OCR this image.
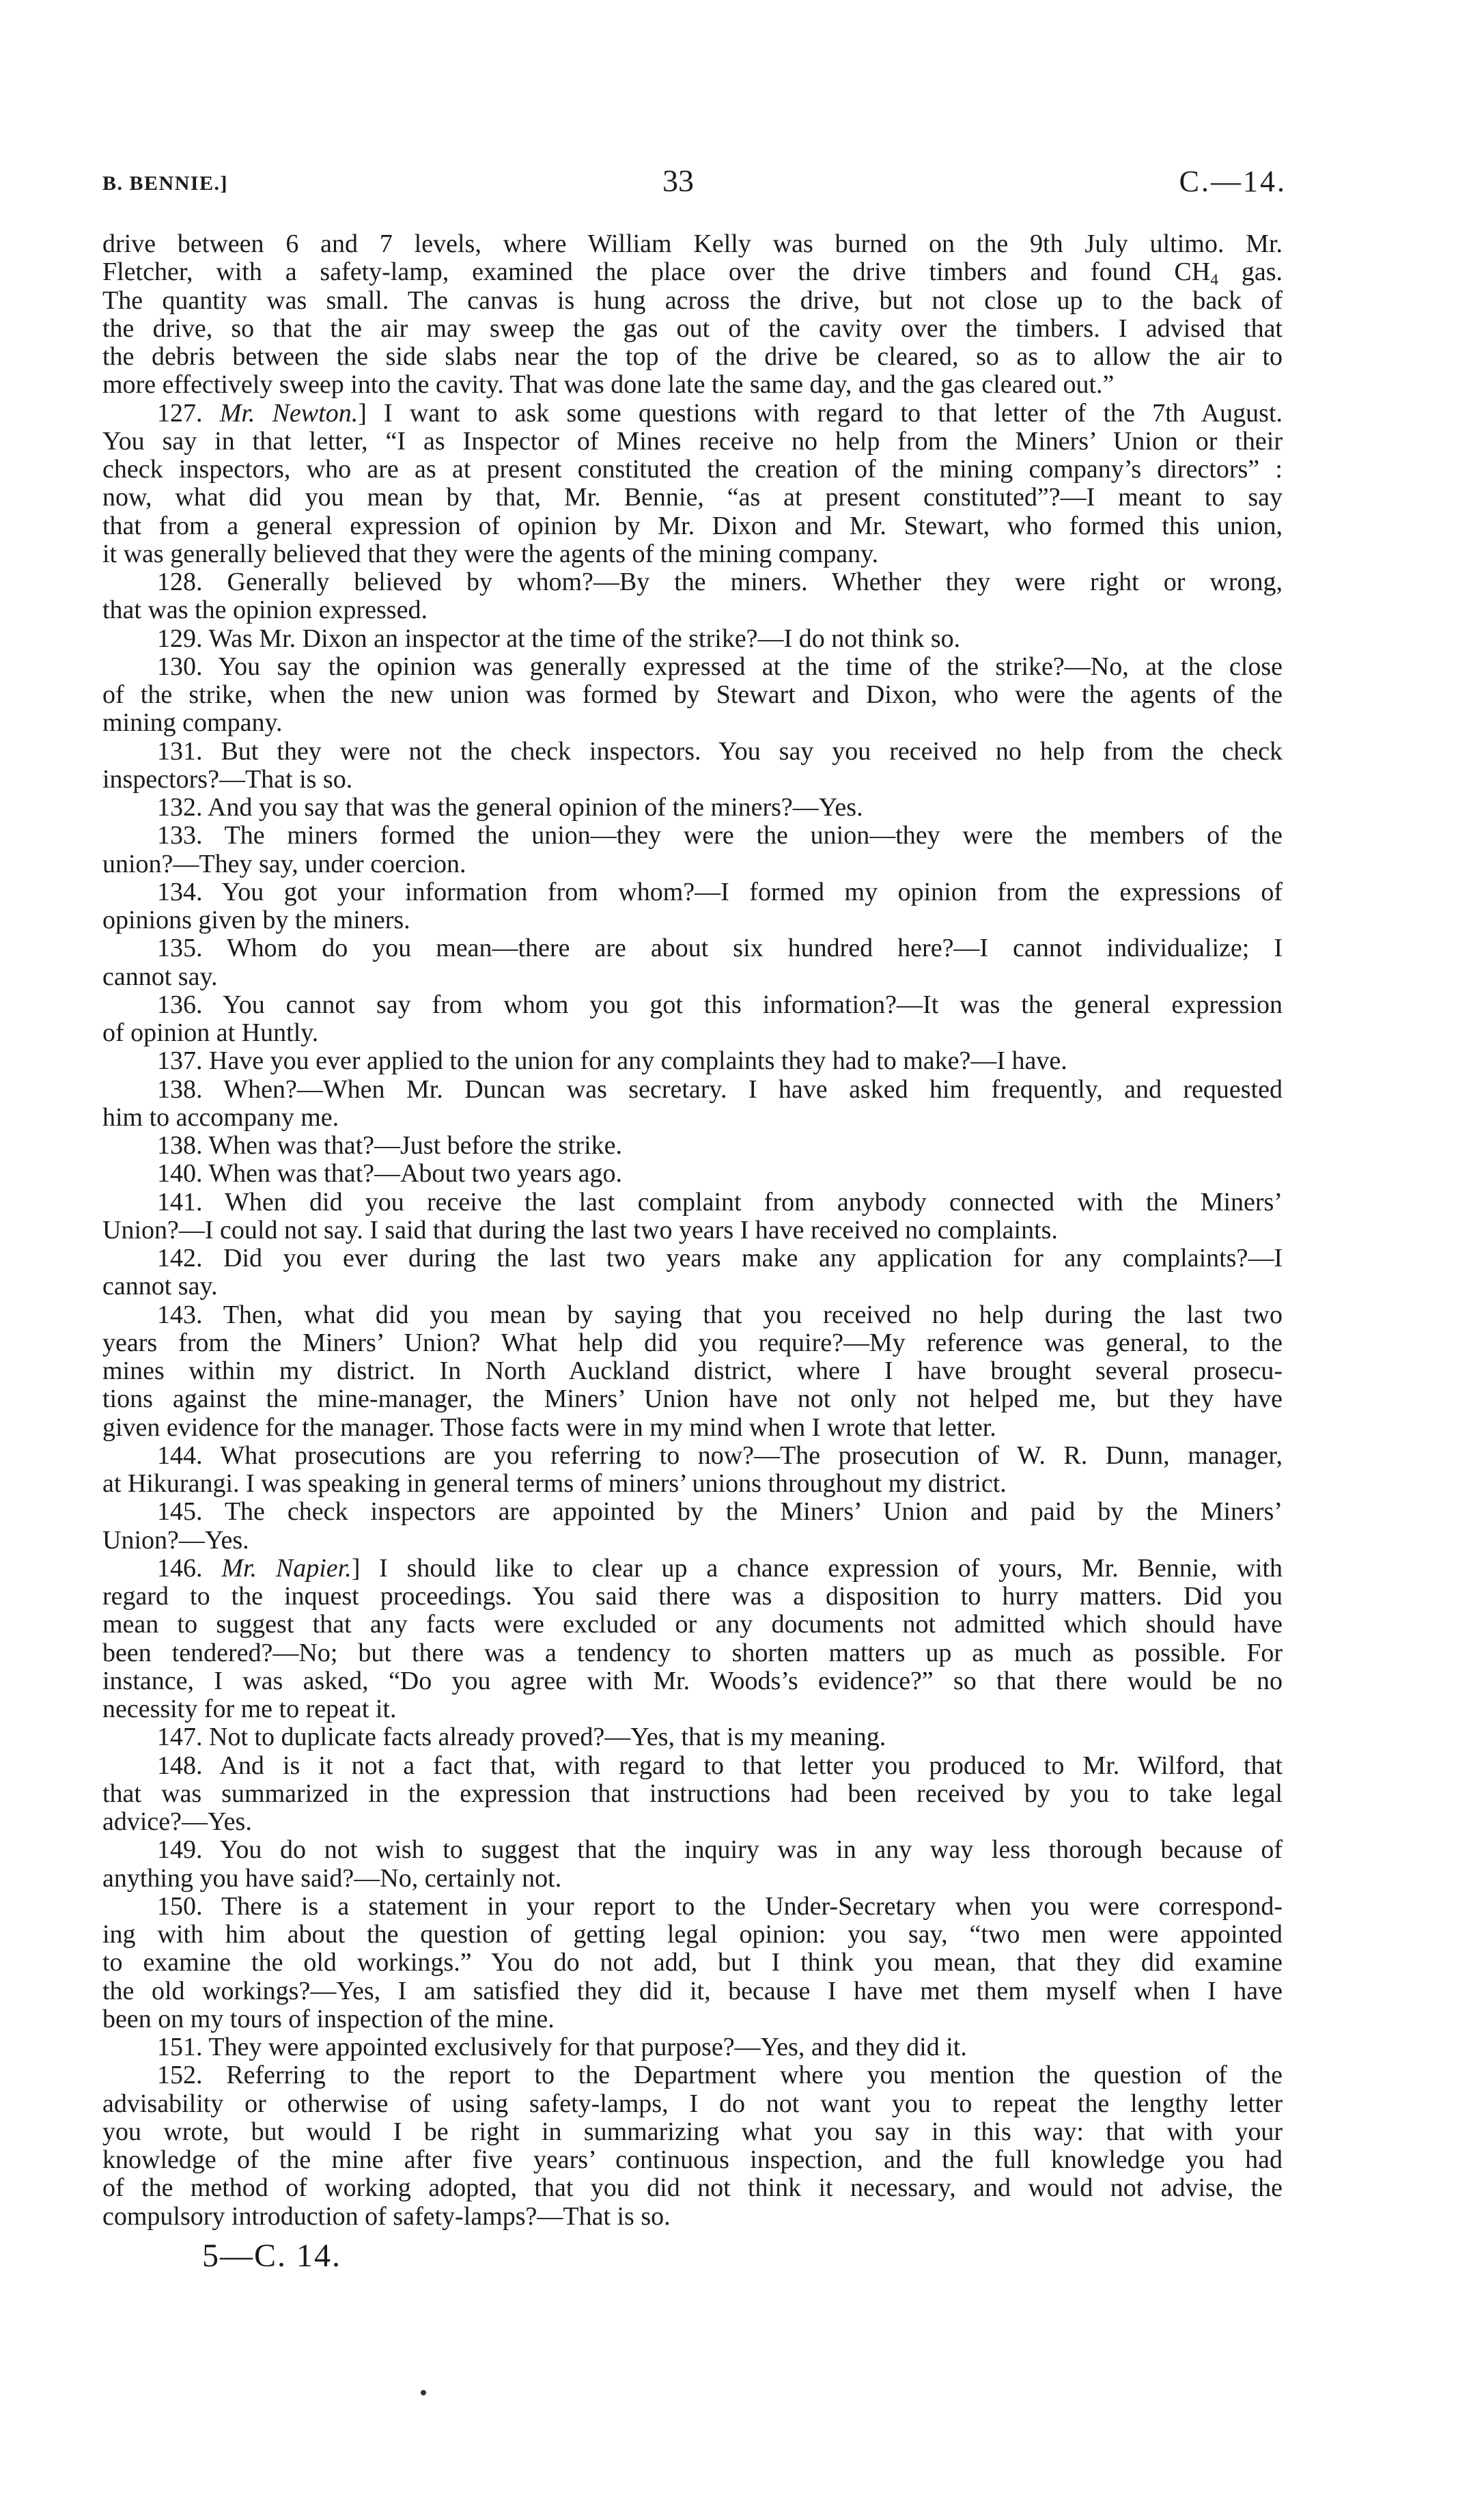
B. BENNIE.]	33	C.—14.
drive between 6 and 7 levels, where William Kelly was burned on the 9th July ultimo. Mr.
Fletcher, with a safety-lamp, examined the place over the drive timbers and found $CH_4$ gas.
The quantity was small. The canvas is hung across the drive, but not close up to the back of
the drive, so that the air may sweep the gas out of the cavity over the timbers. I advised that
the debris between the side slabs near the top of the drive be cleared, so as to allow the air to
more effectively sweep into the cavity. That was done late the same day, and the gas cleared out.”
127. Mr. Newton.] I want to ask some questions with regard to that letter of the 7th August.
You say in that letter, “I as Inspector of Mines receive no help from the Miners’ Union or their
check inspectors, who are as at present constituted the creation of the mining company’s directors” :
now, what did you mean by that, Mr. Bennie, “as at present constituted”?—I meant to say
that from a general expression of opinion by Mr. Dixon and Mr. Stewart, who formed this union,
it was generally believed that they were the agents of the mining company.
128. Generally believed by whom?—By the miners. Whether they were right or wrong,
that was the opinion expressed.
129. Was Mr. Dixon an inspector at the time of the strike?—I do not think so.
130. You say the opinion was generally expressed at the time of the strike?—No, at the close
of the strike, when the new union was formed by Stewart and Dixon, who were the agents of the
mining company.
131. But they were not the check inspectors. You say you received no help from the check
inspectors?—That is so.
132. And you say that was the general opinion of the miners?—Yes.
133. The miners formed the union—they were the union—they were the members of the
union?—They say, under coercion.
134. You got your information from whom?—I formed my opinion from the expressions of
opinions given by the miners.
135. Whom do you mean—there are about six hundred here?—I cannot individualize; I
cannot say.
136. You cannot say from whom you got this information?—It was the general expression
of opinion at Huntly.
137. Have you ever applied to the union for any complaints they had to make?—I have.
138. When?—When Mr. Duncan was secretary. I have asked him frequently, and requested
him to accompany me.
138. When was that?—Just before the strike.
140. When was that?—About two years ago.
141. When did you receive the last complaint from anybody connected with the Miners’
Union?—I could not say. I said that during the last two years I have received no complaints.
142. Did you ever during the last two years make any application for any complaints?—I
cannot say.
143. Then, what did you mean by saying that you received no help during the last two
years from the Miners’ Union? What help did you require?—My reference was general, to the
mines within my district. In North Auckland district, where I have brought several prosecu-
tions against the mine-manager, the Miners’ Union have not only not helped me, but they have
given evidence for the manager. Those facts were in my mind when I wrote that letter.
144. What prosecutions are you referring to now?—The prosecution of W. R. Dunn, manager,
at Hikurangi. I was speaking in general terms of miners’ unions throughout my district.
145. The check inspectors are appointed by the Miners’ Union and paid by the Miners’
Union?—Yes.
146. Mr. Napier.] I should like to clear up a chance expression of yours, Mr. Bennie, with
regard to the inquest proceedings. You said there was a disposition to hurry matters. Did you
mean to suggest that any facts were excluded or any documents not admitted which should have
been tendered?—No; but there was a tendency to shorten matters up as much as possible. For
instance, I was asked, “Do you agree with Mr. Woods’s evidence?” so that there would be no
necessity for me to repeat it.
147. Not to duplicate facts already proved?—Yes, that is my meaning.
148. And is it not a fact that, with regard to that letter you produced to Mr. Wilford, that
that was summarized in the expression that instructions had been received by you to take legal
advice?—Yes.
149. You do not wish to suggest that the inquiry was in any way less thorough because of
anything you have said?—No, certainly not.
150. There is a statement in your report to the Under-Secretary when you were correspond-
ing with him about the question of getting legal opinion: you say, “two men were appointed
to examine the old workings.” You do not add, but I think you mean, that they did examine
the old workings?—Yes, I am satisfied they did it, because I have met them myself when I have
been on my tours of inspection of the mine.
151. They were appointed exclusively for that purpose?—Yes, and they did it.
152. Referring to the report to the Department where you mention the question of the
advisability or otherwise of using safety-lamps, I do not want you to repeat the lengthy letter
you wrote, but would I be right in summarizing what you say in this way: that with your
knowledge of the mine after five years’ continuous inspection, and the full knowledge you had
of the method of working adopted, that you did not think it necessary, and would not advise, the
compulsory introduction of safety-lamps?—That is so.
5—C. 14.
